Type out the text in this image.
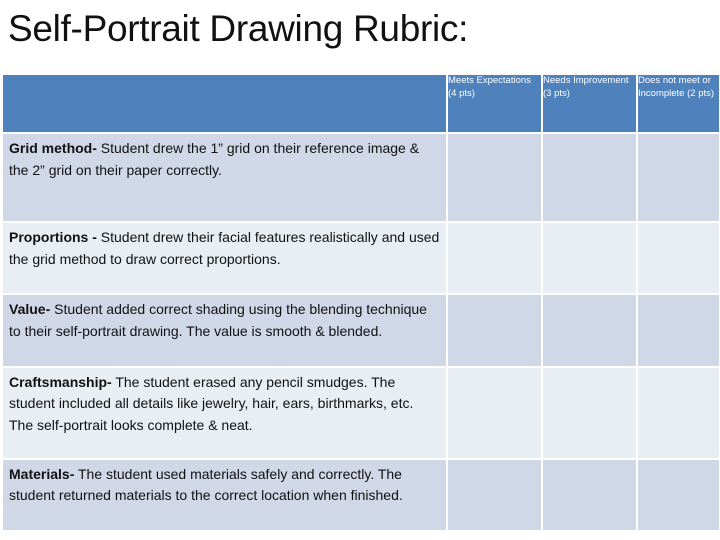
Self-Portrait Drawing Rubric:
	Meets Expectations (4 pts)	Needs Improvement (3 pts)	Does not meet or Incomplete (2 pts)
Grid method- Student drew the 1” grid on their reference image & the 2” grid on their paper correctly.			
Proportions - Student drew their facial features realistically and used the grid method to draw correct proportions.			
Value- Student added correct shading using the blending technique to their self-portrait drawing. The value is smooth & blended.			
Craftsmanship- The student erased any pencil smudges. The student included all details like jewelry, hair, ears, birthmarks, etc. The self-portrait looks complete & neat.			
Materials- The student used materials safely and correctly. The student returned materials to the correct location when finished.			
